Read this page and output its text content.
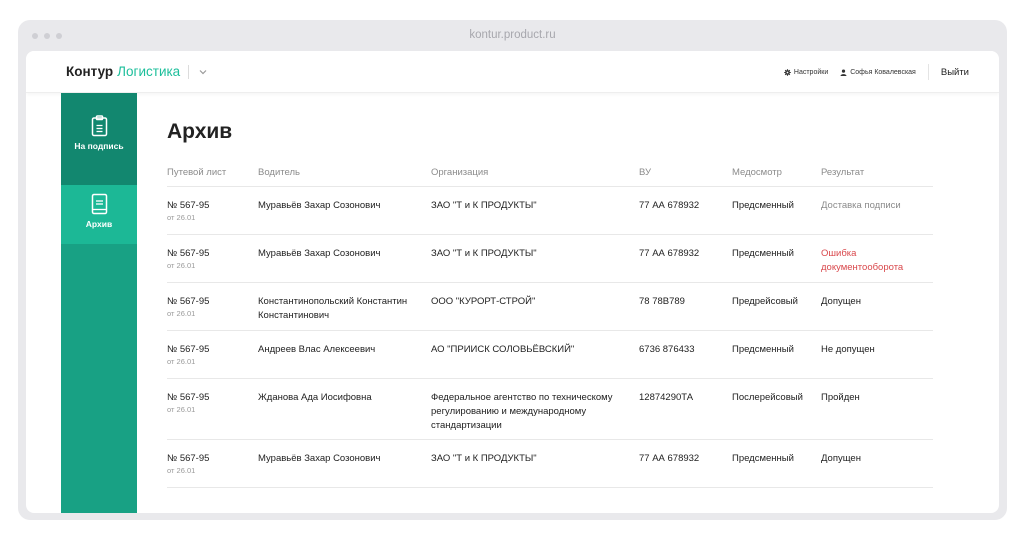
kontur.product.ru
Контур Логистика	Настройки	Софья Ковалевская	Выйти
На подпись
Архив
Архив
Путевой лист	Водитель	Организация	ВУ	Медосмотр	Результат

№ 567-95
от 26.01	Муравьёв Захар Созонович	ЗАО "Т и К ПРОДУКТЫ"	77 АА 678932	Предсменный	Доставка подписи

№ 567-95
от 26.01	Муравьёв Захар Созонович	ЗАО "Т и К ПРОДУКТЫ"	77 АА 678932	Предсменный	Ошибка документооборота

№ 567-95
от 26.01	Константинопольский Константин Константинович	ООО "КУРОРТ-СТРОЙ"	78 78В789	Предрейсовый	Допущен

№ 567-95
от 26.01	Андреев Влас Алексеевич	АО "ПРИИСК СОЛОВЬЁВСКИЙ"	6736 876433	Предсменный	Не допущен

№ 567-95
от 26.01	Жданова Ада Иосифовна	Федеральное агентство по техническому регулированию и международному стандартизации	12874290ТА	Послерейсовый	Пройден

№ 567-95
от 26.01	Муравьёв Захар Созонович	ЗАО "Т и К ПРОДУКТЫ"	77 АА 678932	Предсменный	Допущен
